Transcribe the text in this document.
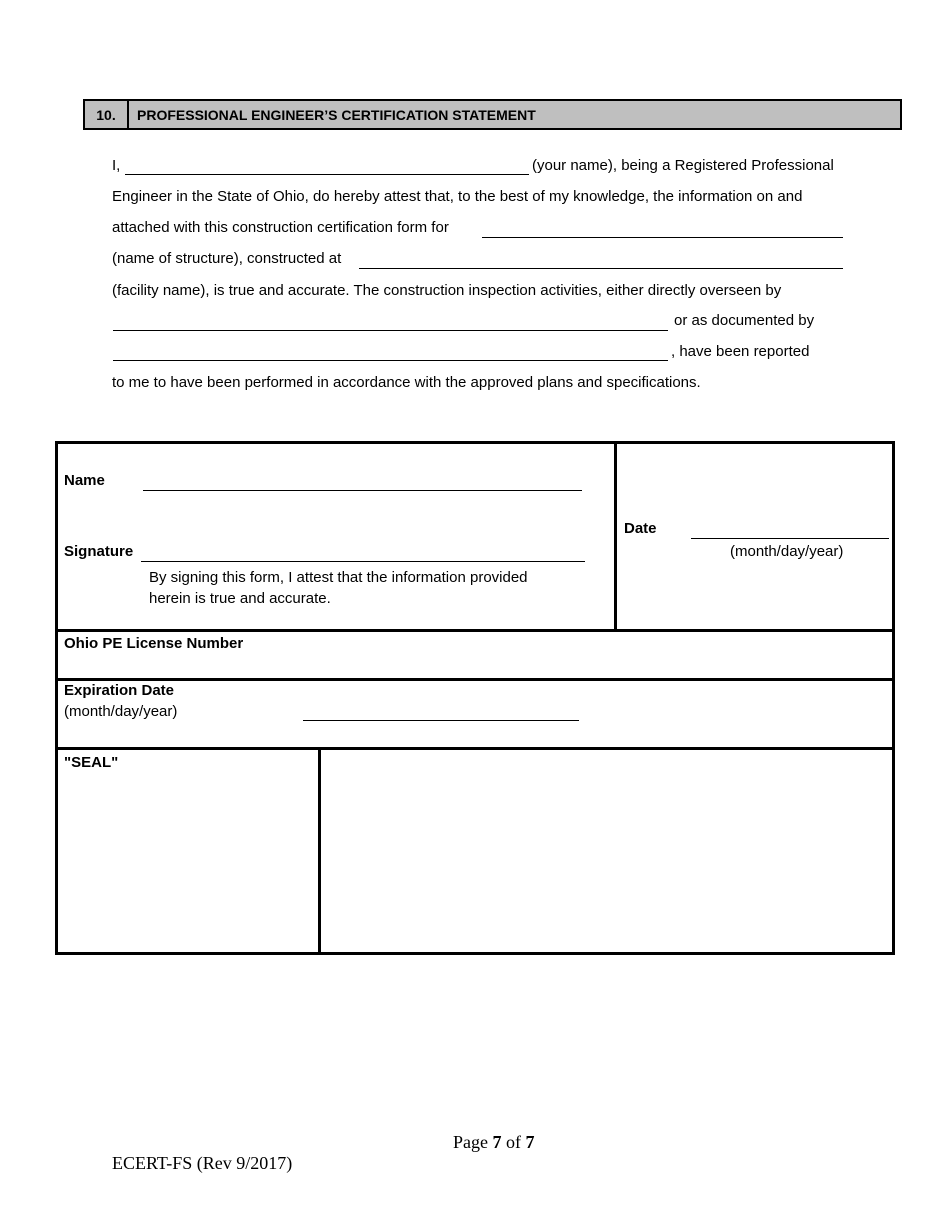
10.	PROFESSIONAL ENGINEER’S CERTIFICATION STATEMENT
I,	(your name), being a Registered Professional
Engineer in the State of Ohio, do hereby attest that, to the best of my knowledge, the information on and
attached with this construction certification form for
(name of structure), constructed at
(facility name), is true and accurate. The construction inspection activities, either directly overseen by
or as documented by
, have been reported
to me to have been performed in accordance with the approved plans and specifications.
Name
Signature
By signing this form, I attest that the information provided
herein is true and accurate.
Date
(month/day/year)
Ohio PE License Number
Expiration Date
(month/day/year)
"SEAL"
Page 7 of 7
ECERT-FS (Rev 9/2017)
